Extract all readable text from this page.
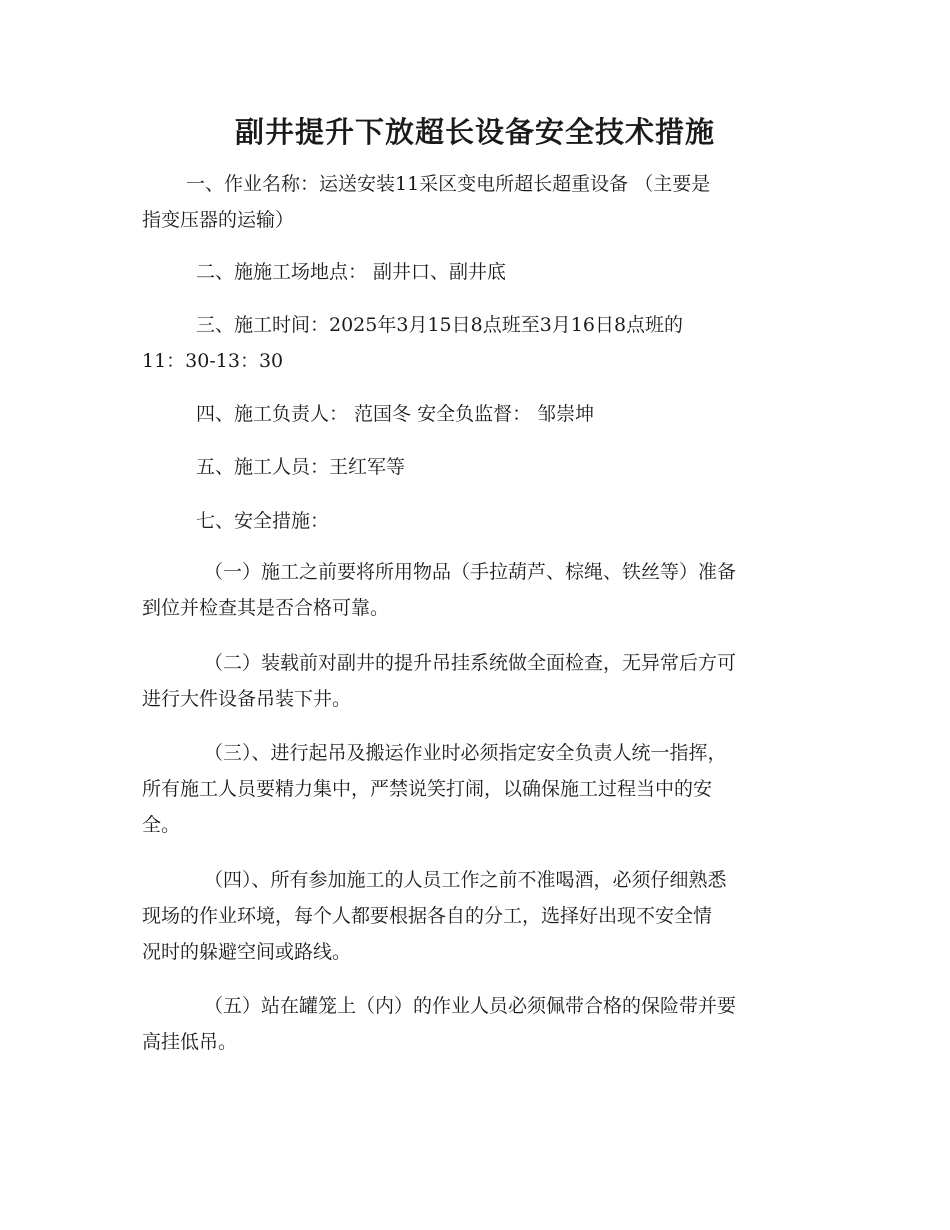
副井提升下放超长设备安全技术措施
一、作业名称：运送安装11采区变电所超长超重设备 （主要是
指变压器的运输）
二、施施工场地点： 副井口、副井底
三、施工时间：2025年3月15日8点班至3月16日8点班的
11：30-13：30
四、施工负责人： 范国冬 安全负监督： 邹崇坤
五、施工人员：王红军等
七、安全措施：
（一）施工之前要将所用物品（手拉葫芦、棕绳、铁丝等）准备
到位并检查其是否合格可靠。
（二）装载前对副井的提升吊挂系统做全面检查，无异常后方可
进行大件设备吊装下井。
（三）、进行起吊及搬运作业时必须指定安全负责人统一指挥，
所有施工人员要精力集中，严禁说笑打闹，以确保施工过程当中的安
全。
（四）、所有参加施工的人员工作之前不准喝酒，必须仔细熟悉
现场的作业环境，每个人都要根据各自的分工，选择好出现不安全情
况时的躲避空间或路线。
（五）站在罐笼上（内）的作业人员必须佩带合格的保险带并要
高挂低吊。
